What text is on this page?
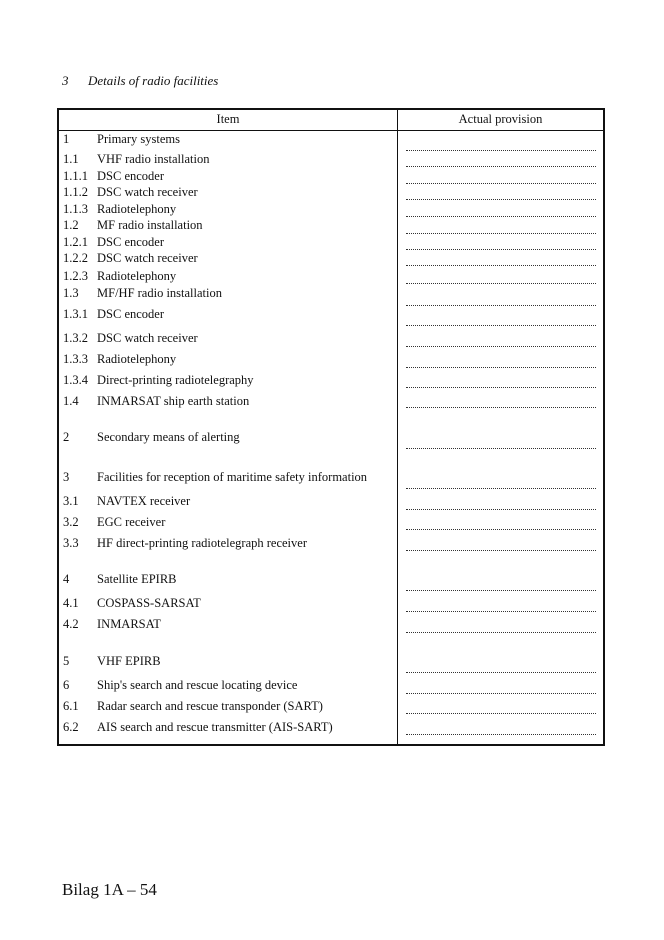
3 Details of radio facilities
Item	Actual provision
1 Primary systems
1.1 VHF radio installation
1.1.1 DSC encoder
1.1.2 DSC watch receiver
1.1.3 Radiotelephony
1.2 MF radio installation
1.2.1 DSC encoder
1.2.2 DSC watch receiver
1.2.3 Radiotelephony
1.3 MF/HF radio installation
1.3.1 DSC encoder
1.3.2 DSC watch receiver
1.3.3 Radiotelephony
1.3.4 Direct-printing radiotelegraphy
1.4 INMARSAT ship earth station
2 Secondary means of alerting
3 Facilities for reception of maritime safety information
3.1 NAVTEX receiver
3.2 EGC receiver
3.3 HF direct-printing radiotelegraph receiver
4 Satellite EPIRB
4.1 COSPASS-SARSAT
4.2 INMARSAT
5 VHF EPIRB
6 Ship's search and rescue locating device
6.1 Radar search and rescue transponder (SART)
6.2 AIS search and rescue transmitter (AIS-SART)
Bilag 1A – 54
